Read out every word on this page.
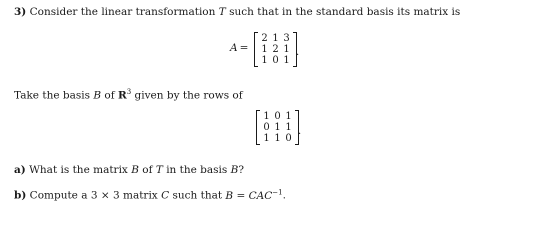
3) Consider the linear transformation T such that in the standard basis its matrix is
A =
2 1 3
1 2 1
1 0 1
.
Take the basis B of $R^3$ given by the rows of
1 0 1
0 1 1
1 1 0
.
a) What is the matrix B of T in the basis B?
b) Compute a 3 × 3 matrix C such that $B = CAC^{-1}$.
